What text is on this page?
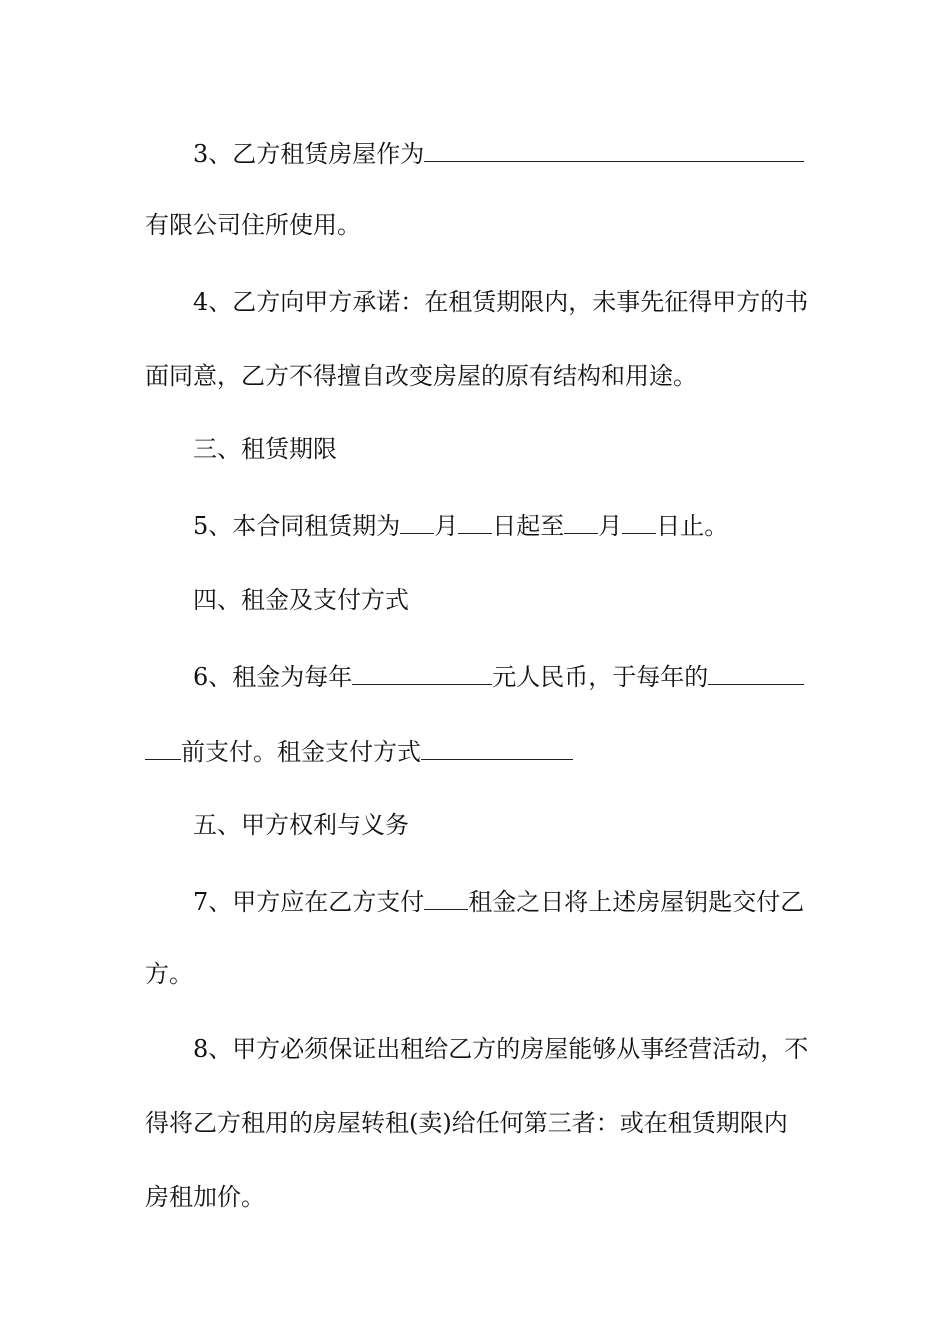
3、乙方租赁房屋作为
有限公司住所使用。
4、乙方向甲方承诺：在租赁期限内，未事先征得甲方的书
面同意，乙方不得擅自改变房屋的原有结构和用途。
三、租赁期限
5、本合同租赁期为 月 日起至 月 日止。
四、租金及支付方式
6、租金为每年	元人民币，于每年的
前支付。租金支付方式
五、甲方权利与义务
7、甲方应在乙方支付 租金之日将上述房屋钥匙交付乙
方。
8、甲方必须保证出租给乙方的房屋能够从事经营活动，不
得将乙方租用的房屋转租(卖)给任何第三者：或在租赁期限内
房租加价。
